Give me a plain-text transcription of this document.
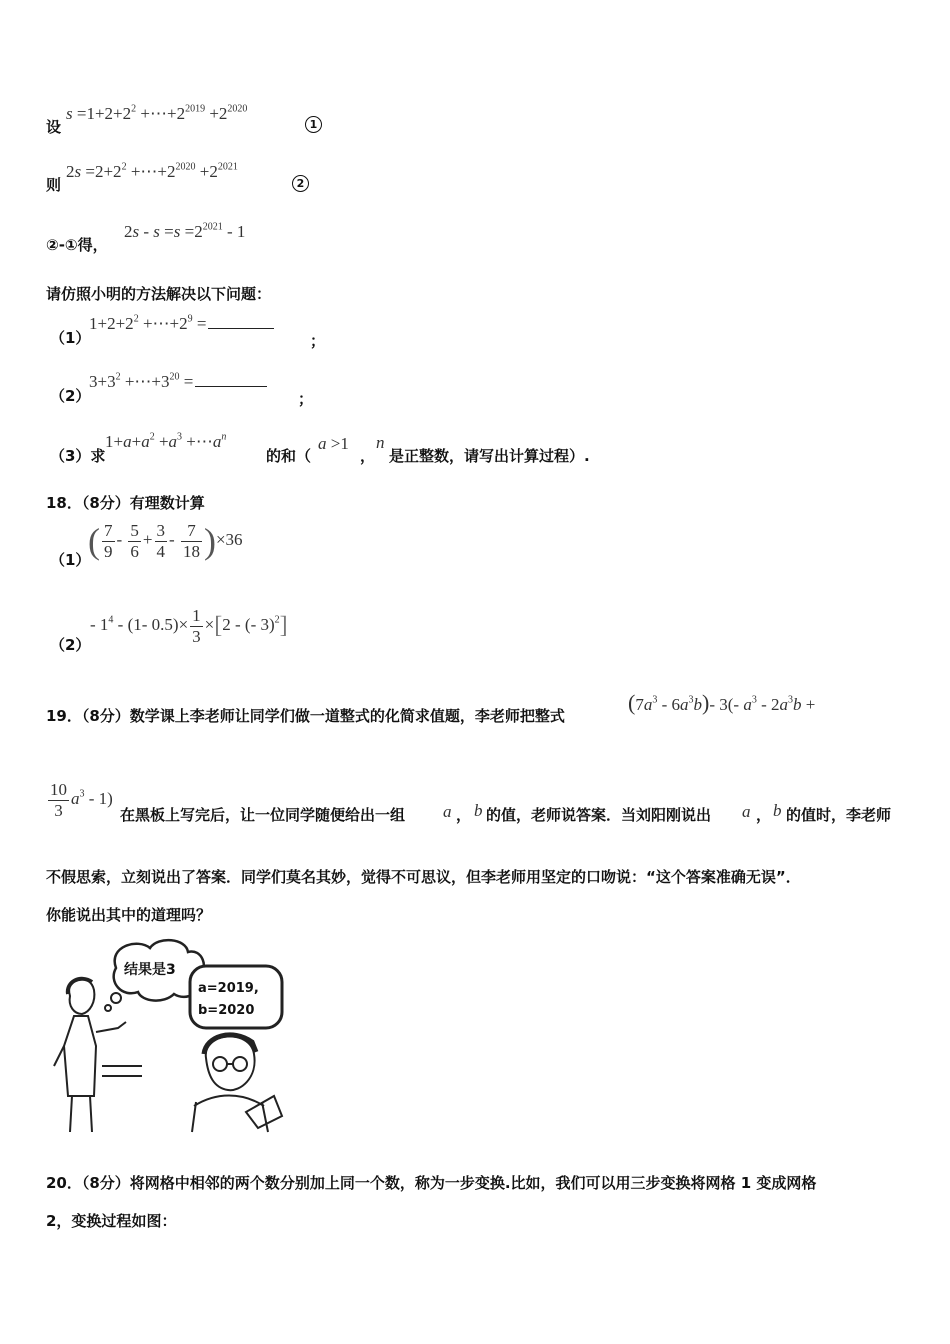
设
$s =1+2+2^2$ $+\cdots+2^{2019} +2^{2020}$
1
则
$2s =2+2^2$ $+\cdots+2^{2020} +2^{2021}$
2
②-①得，
$2s - s =s =2^{2021} - 1$
请仿照小明的方法解决以下问题：
（1）
$1+2+2^2$ $+\cdots+2^9$ =
；
（2）
$3+3^2$ $+\cdots+3^{20}$ =
；
（3）求
$1+a+a^2 +a^3$ $+\cdots a^n$
的和（
a >1
，
n
是正整数，请写出计算过程）.
18．（8分）有理数计算
（1）
( $\frac{7}{9} - \frac{5}{6} + \frac{3}{4} - \frac{7}{18} )\times 36$
（2）
- $1^4 - (1-$ $0.5)\times \frac{1}{3} \times[2$ - (- 3)$^2$]
19．（8分）数学课上李老师让同学们做一道整式的化简求值题，李老师把整式
$(7a^3 - 6a^3b)-$ 3(- $a^3 - 2a^3b$ +
$\frac{10}{3} a^3 - 1$)
在黑板上写完后，让一位同学随便给出一组 a ， b 的值，老师说答案．当刘阳刚说出 a ， b 的值时，李老师
不假思索，立刻说出了答案．同学们莫名其妙，觉得不可思议，但李老师用坚定的口吻说：“这个答案准确无误”．
你能说出其中的道理吗？
结果是3
a=2019,
b=2020
20．（8分）将网格中相邻的两个数分别加上同一个数，称为一步变换.比如，我们可以用三步变换将网格 1 变成网格
2，变换过程如图：
